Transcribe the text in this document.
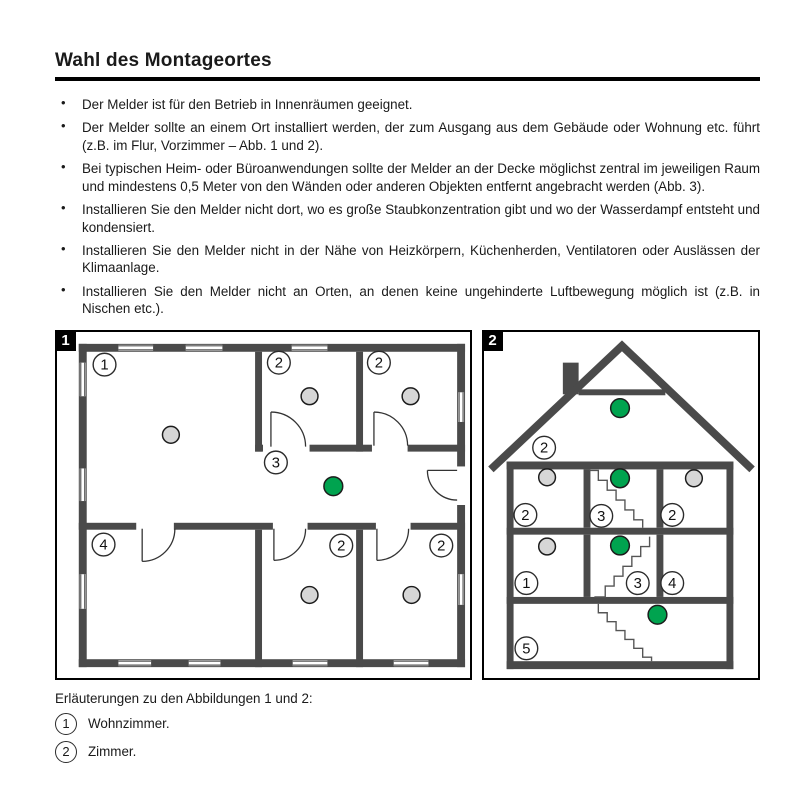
Wahl des Montageortes
• Der Melder ist für den Betrieb in Innenräumen geeignet.
• Der Melder sollte an einem Ort installiert werden, der zum Ausgang aus dem Gebäude oder Wohnung etc. führt (z.B. im Flur, Vorzimmer – Abb. 1 und 2).
• Bei typischen Heim- oder Büroanwendungen sollte der Melder an der Decke möglichst zentral im jeweiligen Raum und mindestens 0,5 Meter von den Wänden oder anderen Objekten entfernt angebracht werden (Abb. 3).
• Installieren Sie den Melder nicht dort, wo es große Staubkonzentration gibt und wo der Wasserdampf entsteht und kondensiert.
• Installieren Sie den Melder nicht in der Nähe von Heizkörpern, Küchenherden, Ventilatoren oder Auslässen der Klimaanlage.
• Installieren Sie den Melder nicht an Orten, an denen keine ungehinderte Luftbewegung möglich ist (z.B. in Nischen etc.).
1
1	2	2
3
4	2	2
2
2
2	3	2
1	3 4
5
Erläuterungen zu den Abbildungen 1 und 2:
1	Wohnzimmer.
2	Zimmer.
